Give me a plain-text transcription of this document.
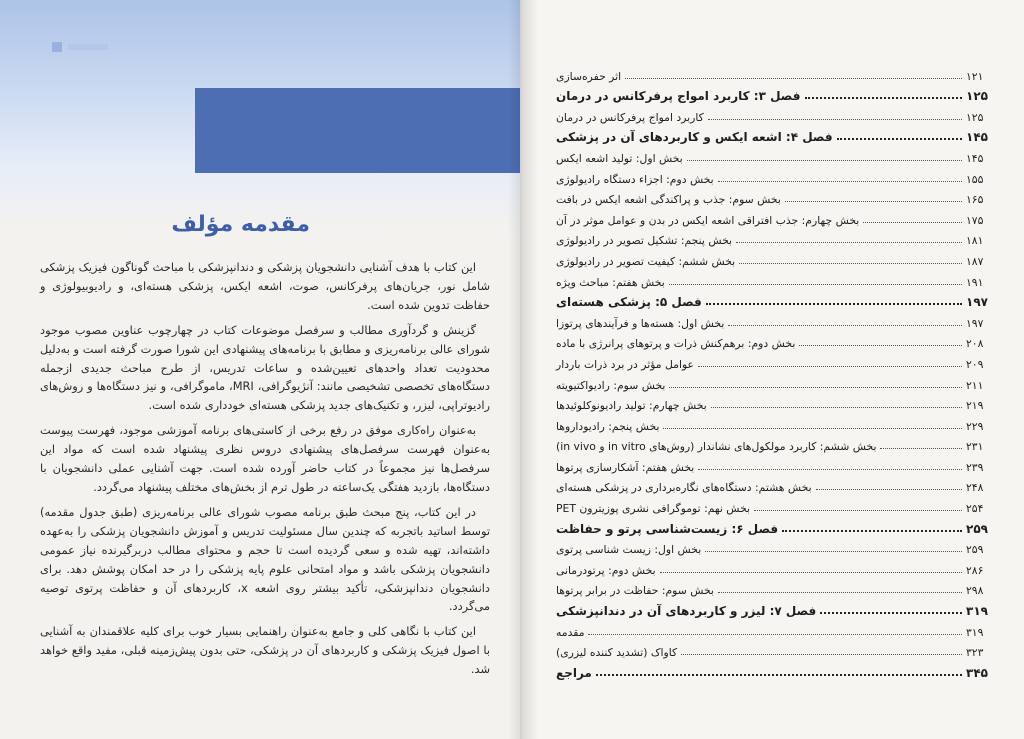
مقدمه مؤلف

این کتاب با هدف آشنایی دانشجویان پزشکی و دندانپزشکی با مباحث گوناگون فیزیک پزشکی شامل نور، جریان‌های پرفرکانس، صوت، اشعه ایکس، پزشکی هسته‌ای، و رادیوبیولوژی و حفاظت تدوین شده است.

گزینش و گردآوری مطالب و سرفصل موضوعات کتاب در چهارچوب عناوین مصوب موجود شورای عالی برنامه‌ریزی و مطابق با برنامه‌های پیشنهادی این شورا صورت گرفته است و به‌دلیل محدودیت تعداد واحدهای تعیین‌شده و ساعات تدریس، از طرح مباحث جدیدی ازجمله دستگاه‌های تخصصی تشخیصی مانند: آنژیوگرافی، MRI، ماموگرافی، و نیز دستگاه‌ها و روش‌های رادیوتراپی، لیزر، و تکنیک‌های جدید پزشکی هسته‌ای خودداری شده است.

به‌عنوان راه‌کاری موفق در رفع برخی از کاستی‌های برنامه آموزشی موجود، فهرست پیوست به‌عنوان فهرست سرفصل‌های پیشنهادی دروس نظری پیشنهاد شده است که مواد این سرفصل‌ها نیز مجموعاً در کتاب حاضر آورده شده است. جهت آشنایی عملی دانشجویان با دستگاه‌ها، بازدید هفتگی یک‌ساعته در طول ترم از بخش‌های مختلف پیشنهاد می‌گردد.

در این کتاب، پنج مبحث طبق برنامه مصوب شورای عالی برنامه‌ریزی (طبق جدول مقدمه) توسط اساتید باتجربه که چندین سال مسئولیت تدریس و آموزش دانشجویان پزشکی را به‌عهده داشته‌اند، تهیه شده و سعی گردیده است تا حجم و محتوای مطالب دربرگیرنده نیاز عمومی دانشجویان پزشکی باشد و مواد امتحانی علوم پایه پزشکی را در حد امکان پوشش دهد. برای دانشجویان دندانپزشکی، تأکید بیشتر روی اشعه x، کاربردهای آن و حفاظت پرتوی توصیه می‌گردد.

این کتاب با نگاهی کلی و جامع به‌عنوان راهنمایی بسیار خوب برای کلیه علاقمندان به آشنایی با اصول فیزیک پزشکی و کاربردهای آن در پزشکی، حتی بدون پیش‌زمینه قبلی، مفید واقع خواهد شد.

اثر حفره‌سازی	۱۲۱
فصل ۳: کاربرد امواج پرفرکانس در درمان	۱۲۵
کاربرد امواج پرفرکانس در درمان	۱۲۵
فصل ۴: اشعه ایکس و کاربردهای آن در پزشکی	۱۴۵
بخش اول: تولید اشعه ایکس	۱۴۵
بخش دوم: اجزاء دستگاه رادیولوژی	۱۵۵
بخش سوم: جذب و پراکندگی اشعه ایکس در بافت	۱۶۵
بخش چهارم: جذب افتراقی اشعه ایکس در بدن و عوامل موثر در آن	۱۷۵
بخش پنجم: تشکیل تصویر در رادیولوژی	۱۸۱
بخش ششم: کیفیت تصویر در رادیولوژی	۱۸۷
بخش هفتم: مباحث ویژه	۱۹۱
فصل ۵: پزشکی هسته‌ای	۱۹۷
بخش اول: هسته‌ها و فرآیندهای پرتوزا	۱۹۷
بخش دوم: برهم‌کنش ذرات و پرتوهای پرانرژی با ماده	۲۰۸
عوامل مؤثر در برد ذرات باردار	۲۰۹
بخش سوم: رادیواکتیویته	۲۱۱
بخش چهارم: تولید رادیونوکلوئیدها	۲۱۹
بخش پنجم: رادیوداروها	۲۲۹
بخش ششم: کاربرد مولکول‌های نشاندار (روش‌های in vitro و in vivo)	۲۳۱
بخش هفتم: آشکارسازی پرتوها	۲۳۹
بخش هشتم: دستگاه‌های نگاره‌برداری در پزشکی هسته‌ای	۲۴۸
بخش نهم: توموگرافی نشری پوزیترون PET	۲۵۴
فصل ۶: زیست‌شناسی پرتو و حفاظت	۲۵۹
بخش اول: زیست شناسی پرتوی	۲۵۹
بخش دوم: پرتودرمانی	۲۸۶
بخش سوم: حفاظت در برابر پرتوها	۲۹۸
فصل ۷: لیزر و کاربردهای آن در دندانپزشکی	۳۱۹
مقدمه	۳۱۹
کاواک (تشدید کننده لیزری)	۳۲۳
مراجع	۳۴۵
